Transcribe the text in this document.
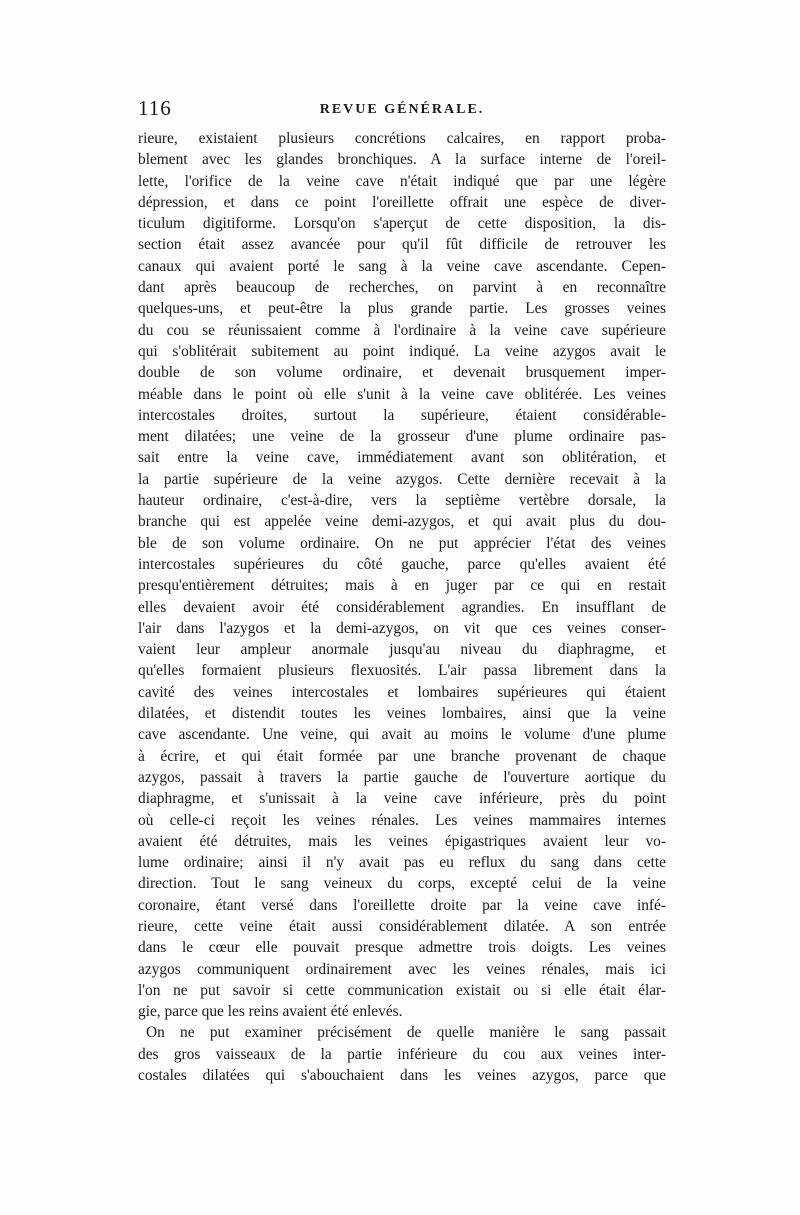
116	REVUE GÉNÉRALE.
rieure, existaient plusieurs concrétions calcaires, en rapport proba-
blement avec les glandes bronchiques. A la surface interne de l'oreil-
lette, l'orifice de la veine cave n'était indiqué que par une légère
dépression, et dans ce point l'oreillette offrait une espèce de diver-
ticulum digitiforme. Lorsqu'on s'aperçut de cette disposition, la dis-
section était assez avancée pour qu'il fût difficile de retrouver les
canaux qui avaient porté le sang à la veine cave ascendante. Cepen-
dant après beaucoup de recherches, on parvint à en reconnaître
quelques-uns, et peut-être la plus grande partie. Les grosses veines
du cou se réunissaient comme à l'ordinaire à la veine cave supérieure
qui s'oblitérait subitement au point indiqué. La veine azygos avait le
double de son volume ordinaire, et devenait brusquement imper-
méable dans le point où elle s'unit à la veine cave oblitérée. Les veines
intercostales droites, surtout la supérieure, étaient considérable-
ment dilatées; une veine de la grosseur d'une plume ordinaire pas-
sait entre la veine cave, immédiatement avant son oblitération, et
la partie supérieure de la veine azygos. Cette dernière recevait à la
hauteur ordinaire, c'est-à-dire, vers la septième vertèbre dorsale, la
branche qui est appelée veine demi-azygos, et qui avait plus du dou-
ble de son volume ordinaire. On ne put apprécier l'état des veines
intercostales supérieures du côté gauche, parce qu'elles avaient été
presqu'entièrement détruites; mais à en juger par ce qui en restait
elles devaient avoir été considérablement agrandies. En insufflant de
l'air dans l'azygos et la demi-azygos, on vit que ces veines conser-
vaient leur ampleur anormale jusqu'au niveau du diaphragme, et
qu'elles formaient plusieurs flexuosités. L'air passa librement dans la
cavité des veines intercostales et lombaires supérieures qui étaient
dilatées, et distendit toutes les veines lombaires, ainsi que la veine
cave ascendante. Une veine, qui avait au moins le volume d'une plume
à écrire, et qui était formée par une branche provenant de chaque
azygos, passait à travers la partie gauche de l'ouverture aortique du
diaphragme, et s'unissait à la veine cave inférieure, près du point
où celle-ci reçoit les veines rénales. Les veines mammaires internes
avaient été détruites, mais les veines épigastriques avaient leur vo-
lume ordinaire; ainsi il n'y avait pas eu reflux du sang dans cette
direction. Tout le sang veineux du corps, excepté celui de la veine
coronaire, étant versé dans l'oreillette droite par la veine cave infé-
rieure, cette veine était aussi considérablement dilatée. A son entrée
dans le cœur elle pouvait presque admettre trois doigts. Les veines
azygos communiquent ordinairement avec les veines rénales, mais ici
l'on ne put savoir si cette communication existait ou si elle était élar-
gie, parce que les reins avaient été enlevés.
On ne put examiner précisément de quelle manière le sang passait
des gros vaisseaux de la partie inférieure du cou aux veines inter-
costales dilatées qui s'abouchaient dans les veines azygos, parce que
